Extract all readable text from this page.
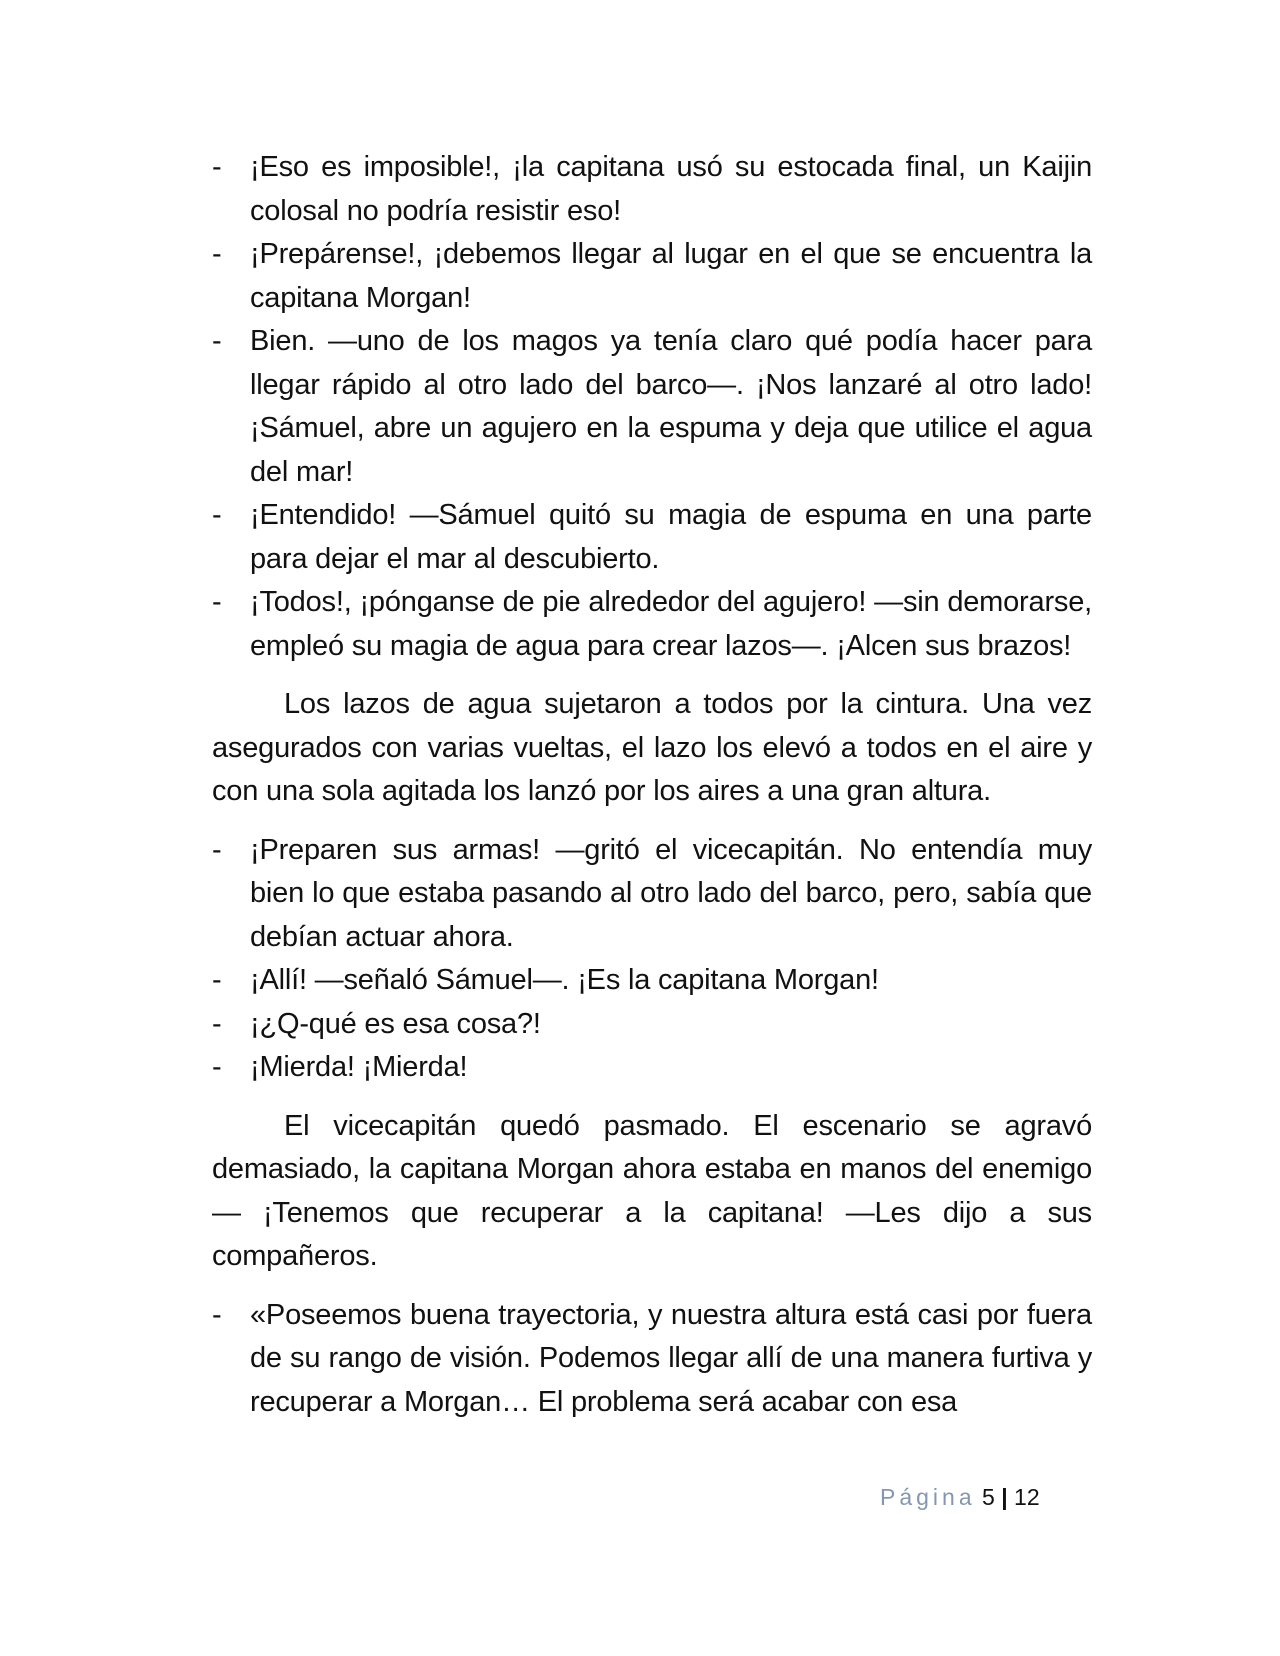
- ¡Eso es imposible!, ¡la capitana usó su estocada final, un Kaijin colosal no podría resistir eso!
- ¡Prepárense!, ¡debemos llegar al lugar en el que se encuentra la capitana Morgan!
- Bien. —uno de los magos ya tenía claro qué podía hacer para llegar rápido al otro lado del barco—. ¡Nos lanzaré al otro lado! ¡Sámuel, abre un agujero en la espuma y deja que utilice el agua del mar!
- ¡Entendido! —Sámuel quitó su magia de espuma en una parte para dejar el mar al descubierto.
- ¡Todos!, ¡pónganse de pie alrededor del agujero! —sin demorarse, empleó su magia de agua para crear lazos—. ¡Alcen sus brazos!

Los lazos de agua sujetaron a todos por la cintura. Una vez asegurados con varias vueltas, el lazo los elevó a todos en el aire y con una sola agitada los lanzó por los aires a una gran altura.

- ¡Preparen sus armas! —gritó el vicecapitán. No entendía muy bien lo que estaba pasando al otro lado del barco, pero, sabía que debían actuar ahora.
- ¡Allí! —señaló Sámuel—. ¡Es la capitana Morgan!
- ¡¿Q-qué es esa cosa?!
- ¡Mierda! ¡Mierda!

El vicecapitán quedó pasmado. El escenario se agravó demasiado, la capitana Morgan ahora estaba en manos del enemigo— ¡Tenemos que recuperar a la capitana! —Les dijo a sus compañeros.

- «Poseemos buena trayectoria, y nuestra altura está casi por fuera de su rango de visión. Podemos llegar allí de una manera furtiva y recuperar a Morgan… El problema será acabar con esa
Página 5 | 12
